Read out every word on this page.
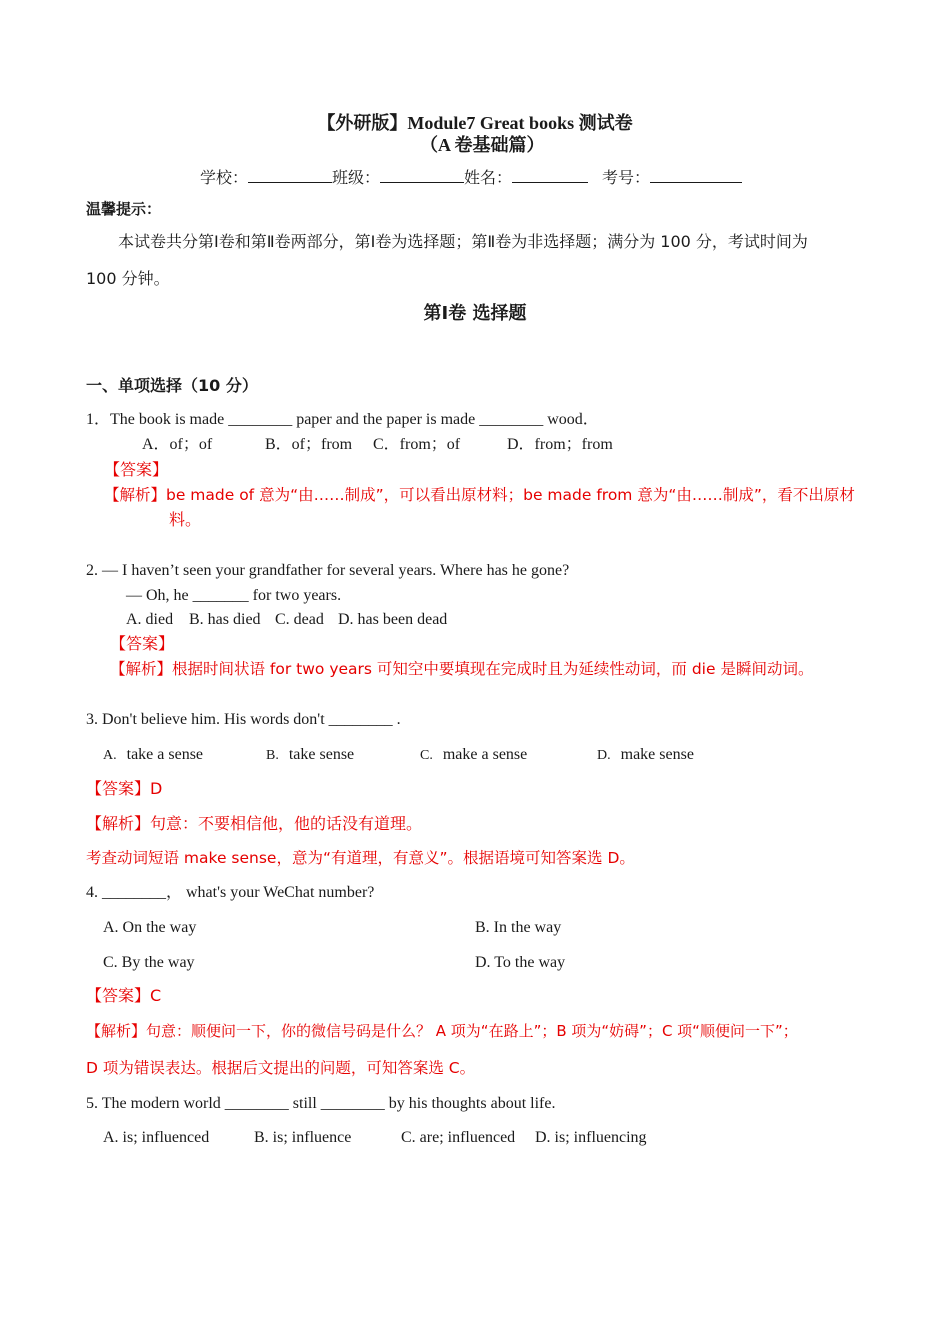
【外研版】Module7 Great books 测试卷
（A 卷基础篇）
学校：	班级：	姓名：	考号：
温馨提示：
本试卷共分第Ⅰ卷和第Ⅱ卷两部分，第Ⅰ卷为选择题；第Ⅱ卷为非选择题；满分为 100 分，考试时间为
100 分钟。
第Ⅰ卷 选择题
一、单项选择（10 分）
1．The book is made ________ paper and the paper is made ________ wood．
A．of；of	B．of；from C．from；of	D．from；from
【答案】
【解析】be made of 意为“由……制成”，可以看出原材料；be made from 意为“由……制成”，看不出原材
料。
2. — I haven’t seen your grandfather for several years. Where has he gone?
— Oh, he _______ for two years.
A. died B. has died C. dead D. has been dead
【答案】
【解析】根据时间状语 for two years 可知空中要填现在完成时且为延续性动词，而 die 是瞬间动词。
3. Don't believe him. His words don't ________ .
A. take a sense	B. take sense	C. make a sense	D. make sense
【答案】D
【解析】句意：不要相信他，他的话没有道理。
考查动词短语 make sense，意为“有道理，有意义”。根据语境可知答案选 D。
4. ________， what's your WeChat number?
A. On the way	B. In the way
C. By the way	D. To the way
【答案】C
【解析】句意：顺便问一下，你的微信号码是什么？ A 项为“在路上”；B 项为“妨碍”；C 项“顺便问一下”；
D 项为错误表达。根据后文提出的问题，可知答案选 C。
5. The modern world ________ still ________ by his thoughts about life.
A. is; influenced	B. is; influence	C. are; influenced D. is; influencing
